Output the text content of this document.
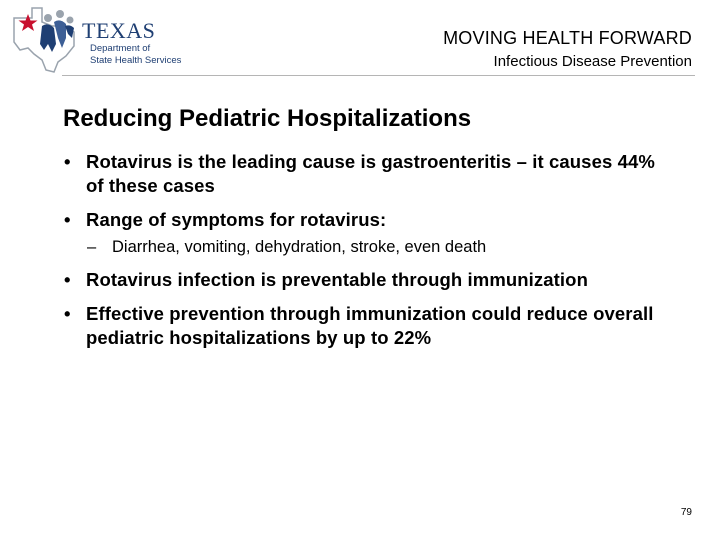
TEXAS
Department of
State Health Services
MOVING HEALTH FORWARD
Infectious Disease Prevention
Reducing Pediatric Hospitalizations
• Rotavirus is the leading cause is gastroenteritis – it causes 44% of these cases
• Range of symptoms for rotavirus:
– Diarrhea, vomiting, dehydration, stroke, even death
• Rotavirus infection is preventable through immunization
• Effective prevention through immunization could reduce overall pediatric hospitalizations by up to 22%
79
